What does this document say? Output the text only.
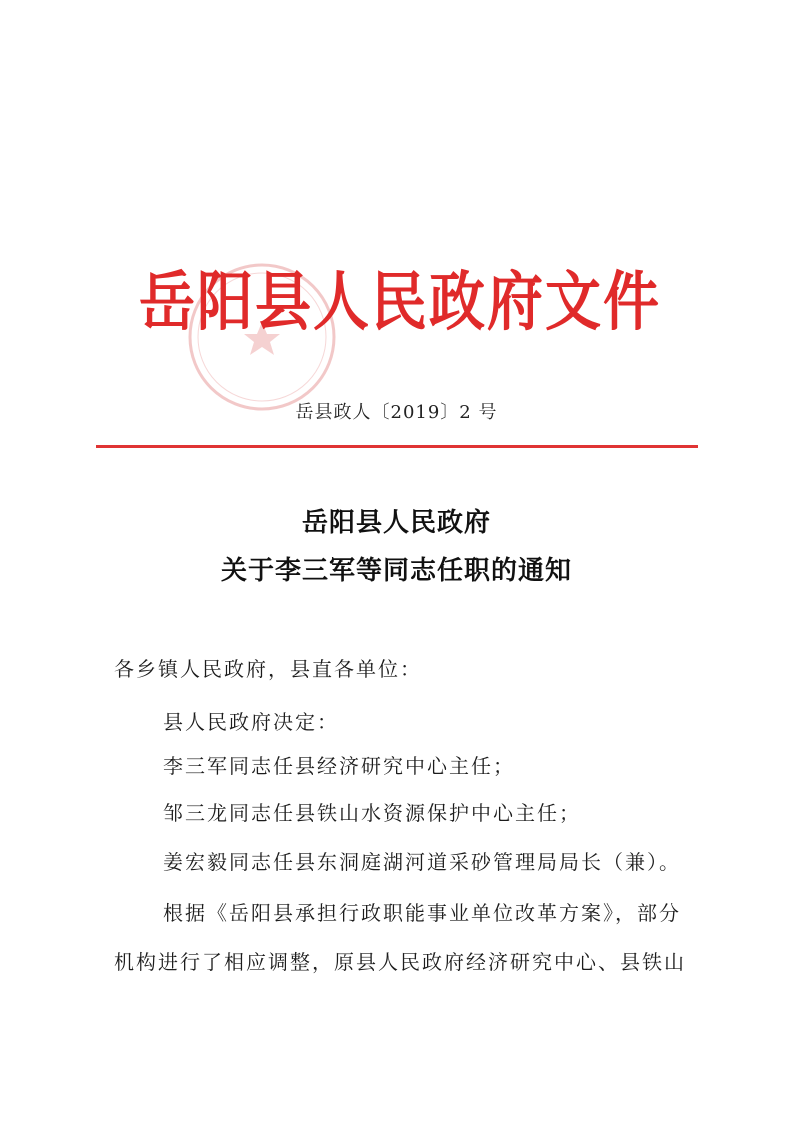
岳阳县人民政府文件
岳县政人〔2019〕2 号
岳阳县人民政府
关于李三军等同志任职的通知
各乡镇人民政府，县直各单位：
县人民政府决定：
李三军同志任县经济研究中心主任；
邹三龙同志任县铁山水资源保护中心主任；
姜宏毅同志任县东洞庭湖河道采砂管理局局长（兼）。
根据《岳阳县承担行政职能事业单位改革方案》，部分
机构进行了相应调整，原县人民政府经济研究中心、县铁山
